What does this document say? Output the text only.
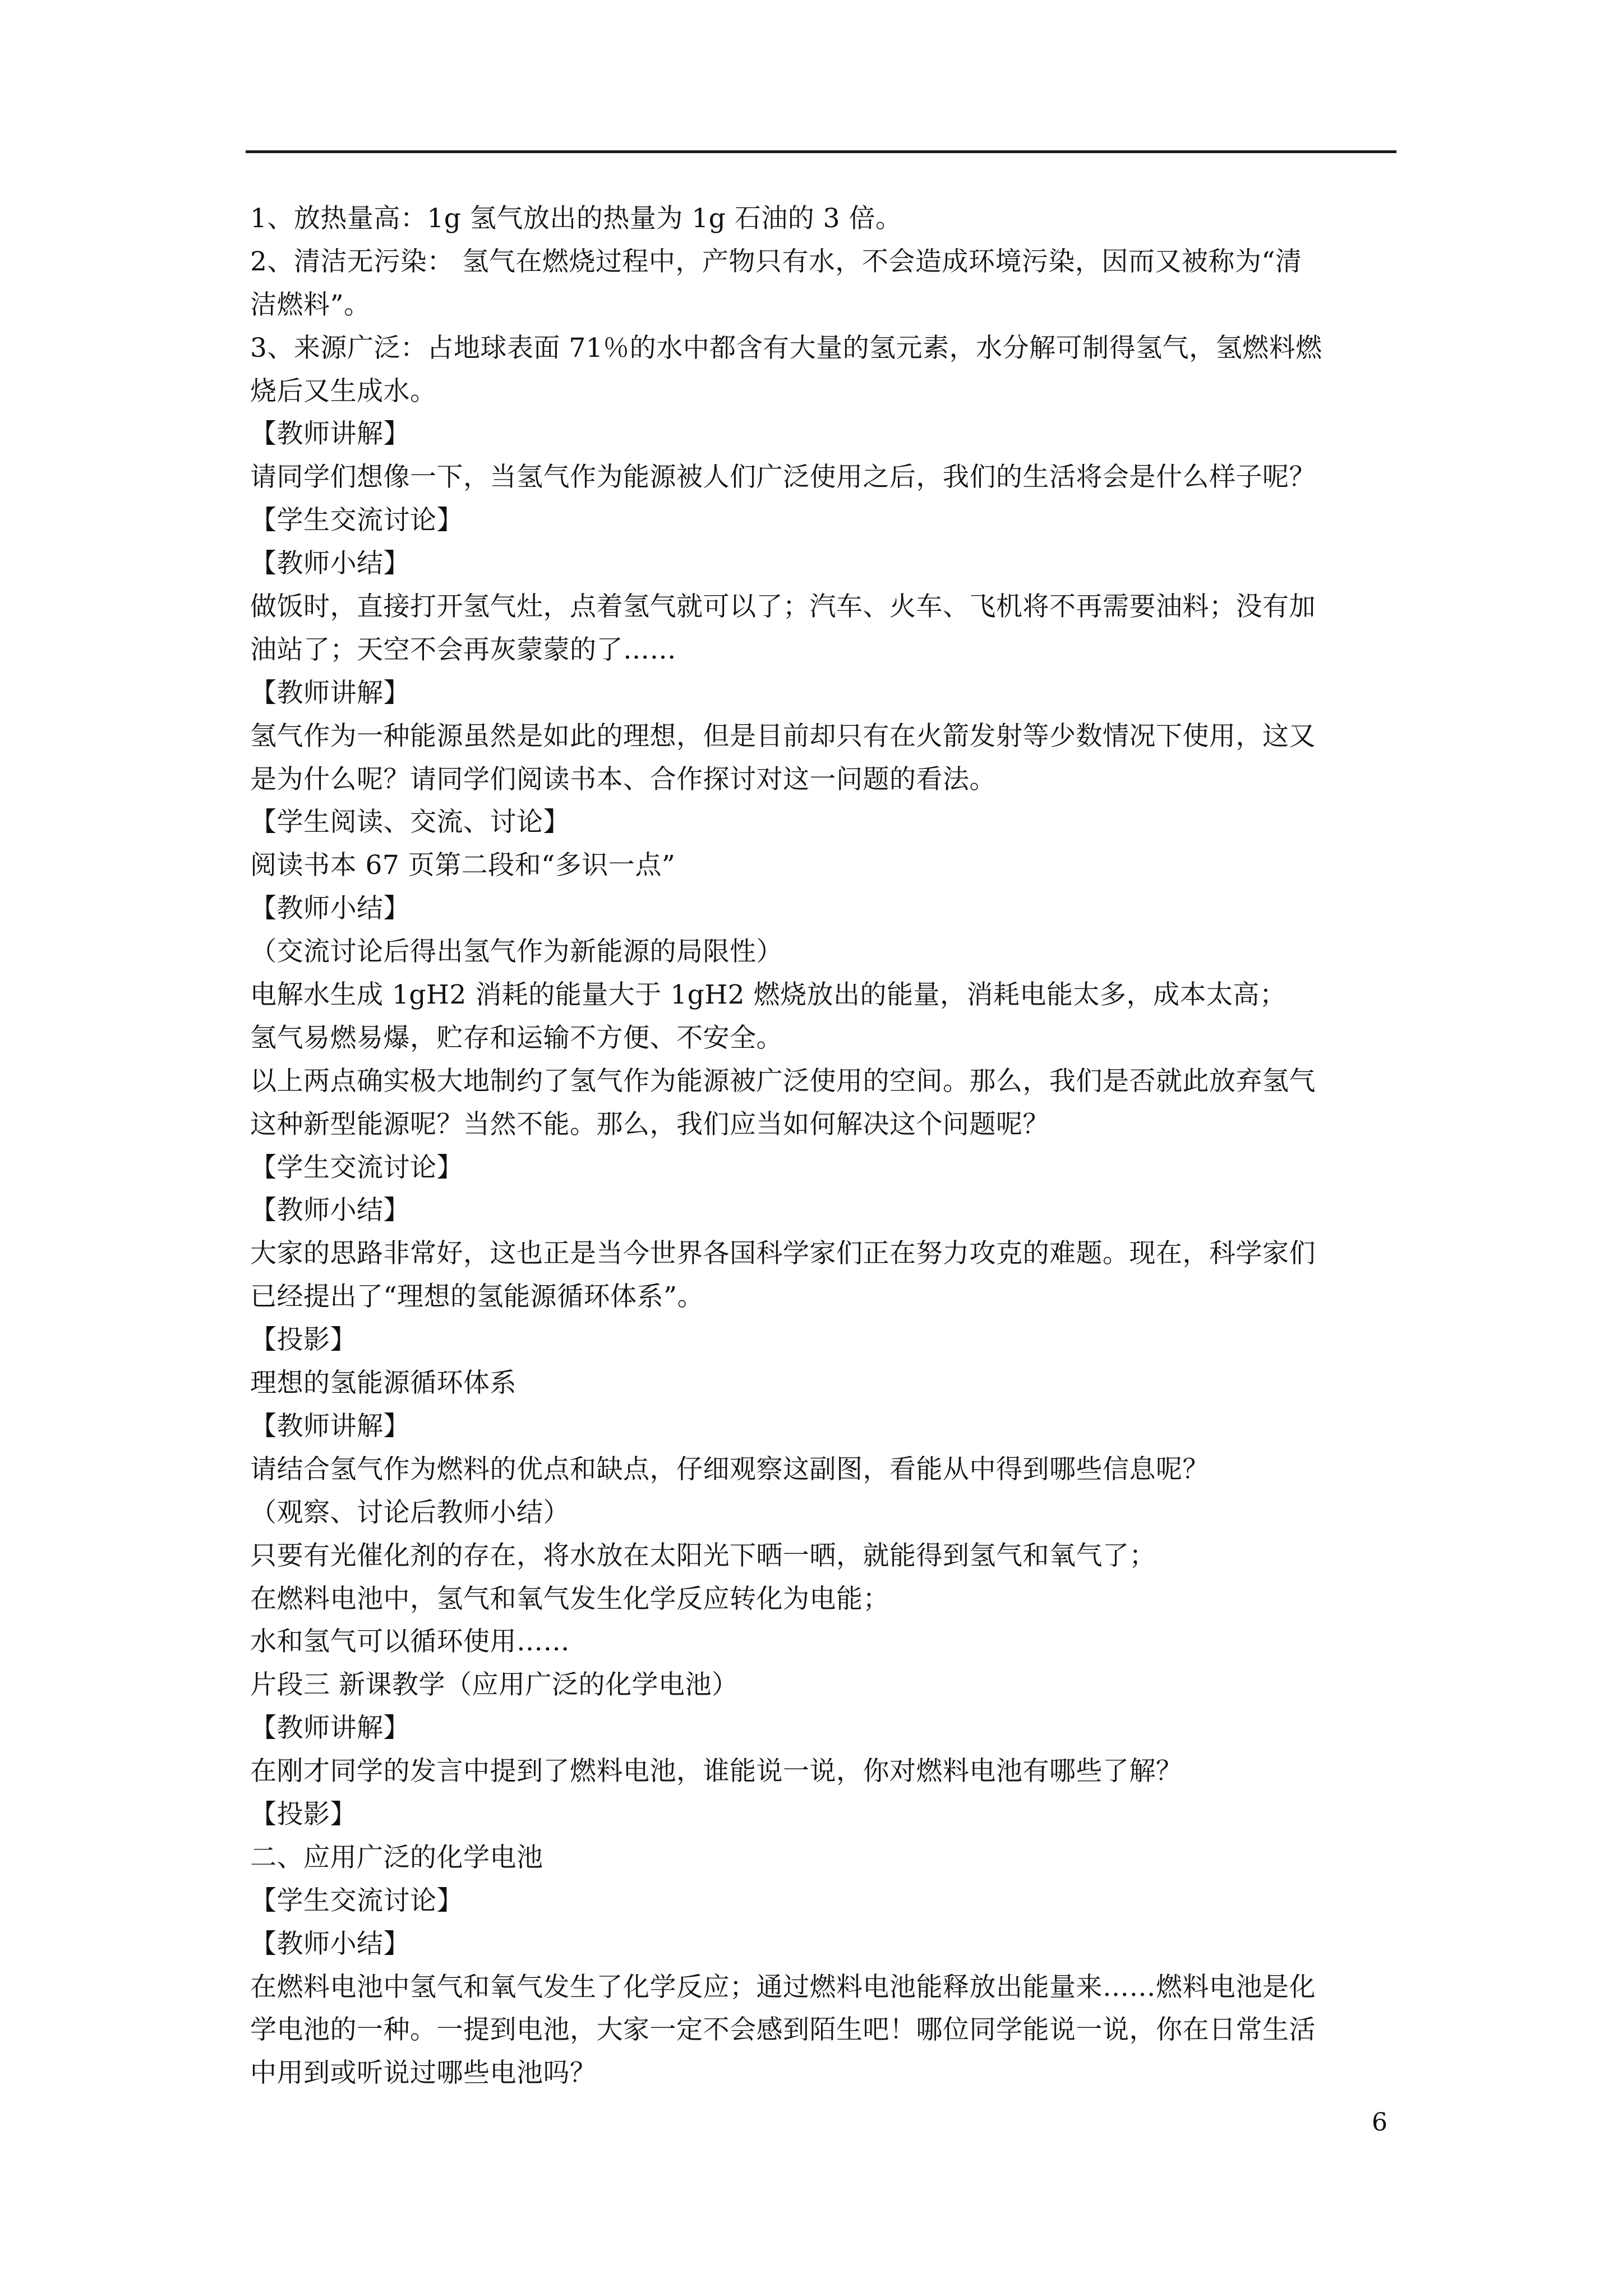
1、放热量高：1g 氢气放出的热量为 1g 石油的 3 倍。
2、清洁无污染： 氢气在燃烧过程中，产物只有水，不会造成环境污染，因而又被称为“清
洁燃料”。
3、来源广泛：占地球表面 71％的水中都含有大量的氢元素，水分解可制得氢气，氢燃料燃
烧后又生成水。
【教师讲解】
请同学们想像一下，当氢气作为能源被人们广泛使用之后，我们的生活将会是什么样子呢？
【学生交流讨论】
【教师小结】
做饭时，直接打开氢气灶，点着氢气就可以了；汽车、火车、飞机将不再需要油料；没有加
油站了；天空不会再灰蒙蒙的了……
【教师讲解】
氢气作为一种能源虽然是如此的理想，但是目前却只有在火箭发射等少数情况下使用，这又
是为什么呢？请同学们阅读书本、合作探讨对这一问题的看法。
【学生阅读、交流、讨论】
阅读书本 67 页第二段和“多识一点”
【教师小结】
（交流讨论后得出氢气作为新能源的局限性）
电解水生成 1gH2 消耗的能量大于 1gH2 燃烧放出的能量，消耗电能太多，成本太高；
氢气易燃易爆，贮存和运输不方便、不安全。
以上两点确实极大地制约了氢气作为能源被广泛使用的空间。那么，我们是否就此放弃氢气
这种新型能源呢？当然不能。那么，我们应当如何解决这个问题呢？
【学生交流讨论】
【教师小结】
大家的思路非常好，这也正是当今世界各国科学家们正在努力攻克的难题。现在，科学家们
已经提出了“理想的氢能源循环体系”。
【投影】
理想的氢能源循环体系
【教师讲解】
请结合氢气作为燃料的优点和缺点，仔细观察这副图，看能从中得到哪些信息呢？
（观察、讨论后教师小结）
只要有光催化剂的存在，将水放在太阳光下晒一晒，就能得到氢气和氧气了；
在燃料电池中，氢气和氧气发生化学反应转化为电能；
水和氢气可以循环使用……
片段三 新课教学（应用广泛的化学电池）
【教师讲解】
在刚才同学的发言中提到了燃料电池，谁能说一说，你对燃料电池有哪些了解？
【投影】
二、应用广泛的化学电池
【学生交流讨论】
【教师小结】
在燃料电池中氢气和氧气发生了化学反应；通过燃料电池能释放出能量来……燃料电池是化
学电池的一种。一提到电池，大家一定不会感到陌生吧！哪位同学能说一说，你在日常生活
中用到或听说过哪些电池吗？
6
